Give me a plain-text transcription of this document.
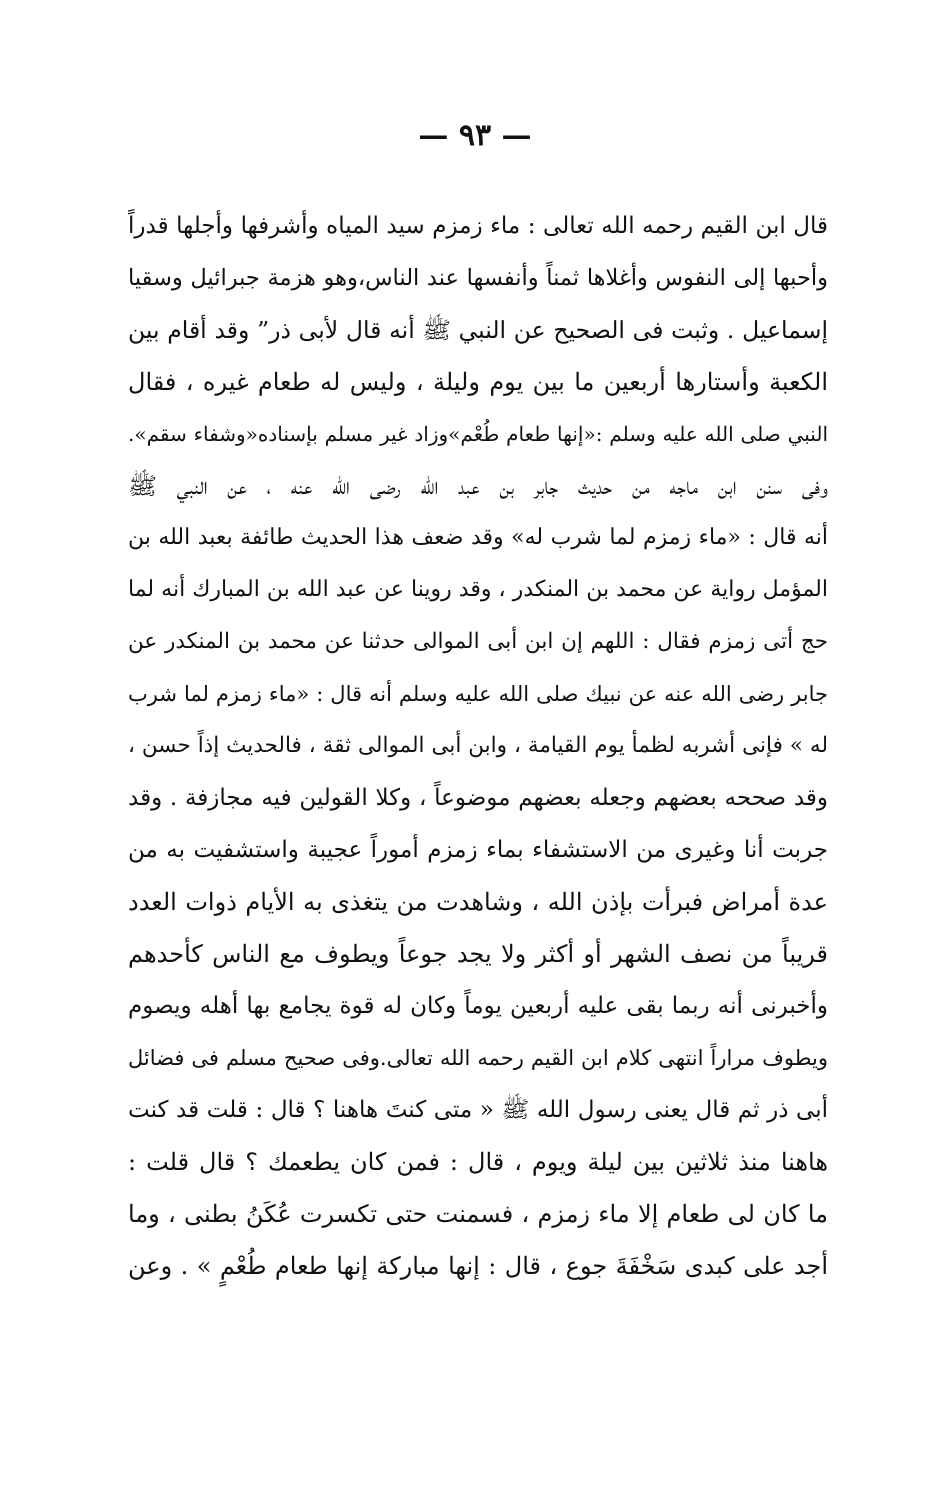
— ٩٣ —
قال ابن القيم رحمه الله تعالى : ماء زمزم سيد المياه وأشرفها وأجلها قدراً
وأحبها إلى النفوس وأغلاها ثمناً وأنفسها عند الناس،وهو هزمة جبرائيل وسقيا
إسماعيل . وثبت فى الصحيح عن النبي ﷺ أنه قال لأبى ذر” وقد أقام بين
الكعبة وأستارها أربعين ما بين يوم وليلة ، وليس له طعام غيره ، فقال
النبي صلى الله عليه وسلم :«إنها طعام طُعْم»وزاد غير مسلم بإسناده«وشفاء سقم».
وفى سنن ابن ماجه من حديث جابر بن عبد الله رضى الله عنه ، عن النبي ﷺ
أنه قال : «ماء زمزم لما شرب له» وقد ضعف هذا الحديث طائفة بعبد الله بن
المؤمل رواية عن محمد بن المنكدر ، وقد روينا عن عبد الله بن المبارك أنه لما
حج أتى زمزم فقال : اللهم إن ابن أبى الموالى حدثنا عن محمد بن المنكدر عن
جابر رضى الله عنه عن نبيك صلى الله عليه وسلم أنه قال : «ماء زمزم لما شرب
له » فإنى أشربه لظمأ يوم القيامة ، وابن أبى الموالى ثقة ، فالحديث إذاً حسن ،
وقد صححه بعضهم وجعله بعضهم موضوعاً ، وكلا القولين فيه مجازفة . وقد
جربت أنا وغيرى من الاستشفاء بماء زمزم أموراً عجيبة واستشفيت به من
عدة أمراض فبرأت بإذن الله ، وشاهدت من يتغذى به الأيام ذوات العدد
قريباً من نصف الشهر أو أكثر ولا يجد جوعاً ويطوف مع الناس كأحدهم
وأخبرنى أنه ربما بقى عليه أربعين يوماً وكان له قوة يجامع بها أهله ويصوم
ويطوف مراراً انتهى كلام ابن القيم رحمه الله تعالى.وفى صحيح مسلم فى فضائل
أبى ذر ثم قال يعنى رسول الله ﷺ « متى كنتَ هاهنا ؟ قال : قلت قد كنت
هاهنا منذ ثلاثين بين ليلة ويوم ، قال : فمن كان يطعمك ؟ قال قلت :
ما كان لى طعام إلا ماء زمزم ، فسمنت حتى تكسرت عُكَنُ بطنى ، وما
أجد على كبدى سَخْفَةَ جوع ، قال : إنها مباركة إنها طعام طُعْمٍ » . وعن
